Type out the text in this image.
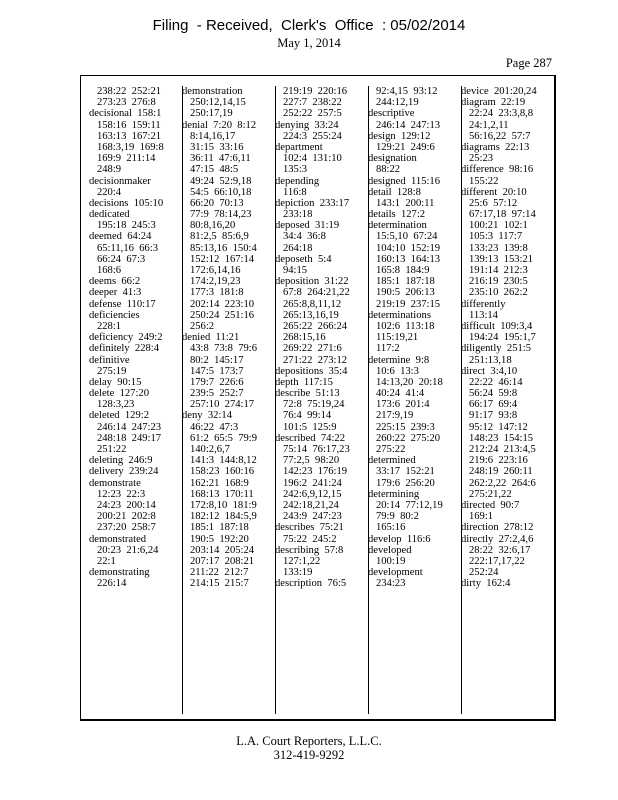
Filing  - Received,  Clerk's  Office  : 05/02/2014
May 1, 2014
Page 287
238:22  252:21
273:23  276:8
decisional  158:1
158:16  159:11
163:13  167:21
168:3,19  169:8
169:9  211:14
248:9
decisionmaker
220:4
decisions  105:10
dedicated
195:18  245:3
deemed  64:24
65:11,16  66:3
66:24  67:3
168:6
deems  66:2
deeper  41:3
defense  110:17
deficiencies
228:1
deficiency  249:2
definitely  228:4
definitive
275:19
delay  90:15
delete  127:20
128:3,23
deleted  129:2
246:14  247:23
248:18  249:17
251:22
deleting  246:9
delivery  239:24
demonstrate
12:23  22:3
24:23  200:14
200:21  202:8
237:20  258:7
demonstrated
20:23  21:6,24
22:1
demonstrating
226:14
demonstration
250:12,14,15
250:17,19
denial  7:20  8:12
8:14,16,17
31:15  33:16
36:11  47:6,11
47:15  48:5
49:24  52:9,18
54:5  66:10,18
66:20  70:13
77:9  78:14,23
80:8,16,20
81:2,5  85:6,9
85:13,16  150:4
152:12  167:14
172:6,14,16
174:2,19,23
177:3  181:8
202:14  223:10
250:24  251:16
256:2
denied  11:21
43:8  73:8  79:6
80:2  145:17
147:5  173:7
179:7  226:6
239:5  252:7
257:10  274:17
deny  32:14
46:22  47:3
61:2  65:5  79:9
140:2,6,7
141:3  144:8,12
158:23  160:16
162:21  168:9
168:13  170:11
172:8,10  181:9
182:12  184:5,9
185:1  187:18
190:5  192:20
203:14  205:24
207:17  208:21
211:22  212:7
214:15  215:7
219:19  220:16
227:7  238:22
252:22  257:5
denying  33:24
224:3  255:24
department
102:4  131:10
135:3
depending
116:8
depiction  233:17
233:18
deposed  31:19
34:4  36:8
264:18
deposeth  5:4
94:15
deposition  31:22
67:8  264:21,22
265:8,8,11,12
265:13,16,19
265:22  266:24
268:15,16
269:22  271:6
271:22  273:12
depositions  35:4
depth  117:15
describe  51:13
72:8  75:19,24
76:4  99:14
101:5  125:9
described  74:22
75:14  76:17,23
77:2,5  98:20
142:23  176:19
196:2  241:24
242:6,9,12,15
242:18,21,24
243:9  247:23
describes  75:21
75:22  245:2
describing  57:8
127:1,22
133:19
description  76:5
92:4,15  93:12
244:12,19
descriptive
246:14  247:13
design  129:12
129:21  249:6
designation
88:22
designed  115:16
detail  128:8
143:1  200:11
details  127:2
determination
15:5,10  67:24
104:10  152:19
160:13  164:13
165:8  184:9
185:1  187:18
190:5  206:13
219:19  237:15
determinations
102:6  113:18
115:19,21
117:2
determine  9:8
10:6  13:3
14:13,20  20:18
40:24  41:4
173:6  201:4
217:9,19
225:15  239:3
260:22  275:20
275:22
determined
33:17  152:21
179:6  256:20
determining
20:14  77:12,19
79:9  80:2
165:16
develop  116:6
developed
100:19
development
234:23
device  201:20,24
diagram  22:19
22:24  23:3,8,8
24:1,2,11
56:16,22  57:7
diagrams  22:13
25:23
difference  98:16
155:22
different  20:10
25:6  57:12
67:17,18  97:14
100:21  102:1
105:3  117:7
133:23  139:8
139:13  153:21
191:14  212:3
216:19  230:5
235:10  262:2
differently
113:14
difficult  109:3,4
194:24  195:1,7
diligently  251:5
251:13,18
direct  3:4,10
22:22  46:14
56:24  59:8
66:17  69:4
91:17  93:8
95:12  147:12
148:23  154:15
212:24  213:4,5
219:6  223:16
248:19  260:11
262:2,22  264:6
275:21,22
directed  90:7
169:1
direction  278:12
directly  27:2,4,6
28:22  32:6,17
222:17,17,22
252:24
dirty  162:4
L.A. Court Reporters, L.L.C.
312-419-9292
